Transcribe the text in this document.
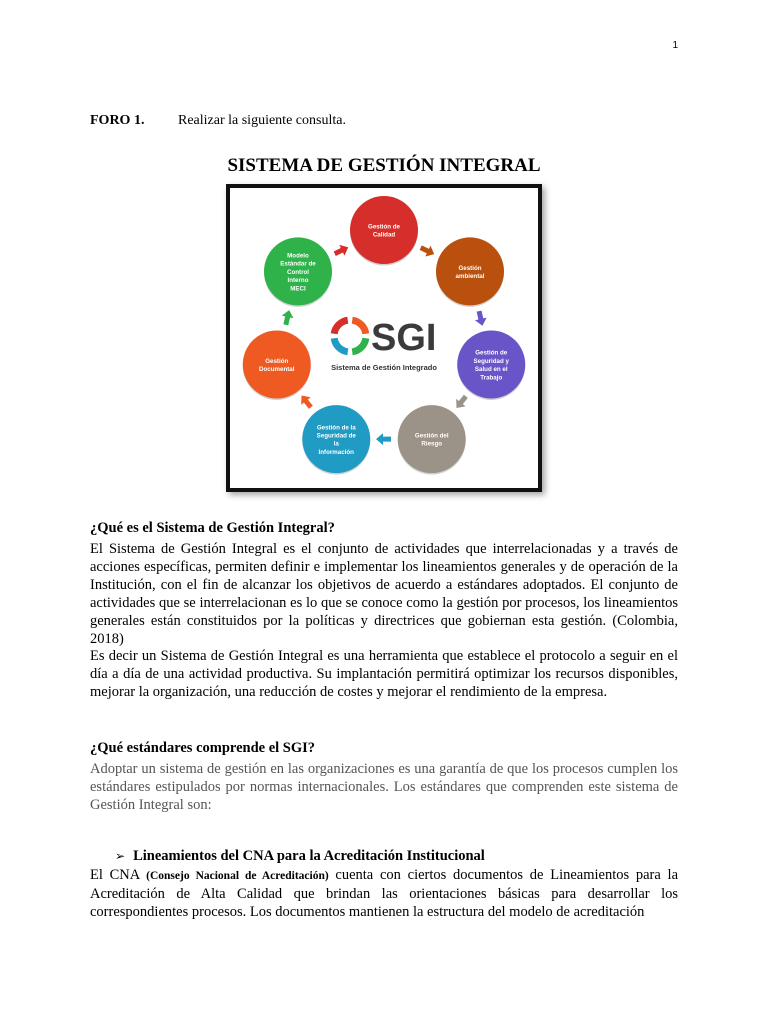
1
FORO 1. Realizar la siguiente consulta.
SISTEMA DE GESTIÓN INTEGRAL
Gestión de
Calidad
Gestión
ambiental
Gestión de
Seguridad y
Salud en el
Trabajo
Gestión del
Riesgo
Gestión de la
Seguridad de
la
Información
Gestión
Documental
Modelo
Estándar de
Control
Interno
MECI
SGI
Sistema de Gestión Integrado
¿Qué es el Sistema de Gestión Integral?
El Sistema de Gestión Integral es el conjunto de actividades que interrelacionadas y a través de acciones específicas, permiten definir e implementar los lineamientos generales y de operación de la Institución, con el fin de alcanzar los objetivos de acuerdo a estándares adoptados. El conjunto de actividades que se interrelacionan es lo que se conoce como la gestión por procesos, los lineamientos generales están constituidos por la políticas y directrices que gobiernan esta gestión. (Colombia, 2018)
Es decir un Sistema de Gestión Integral es una herramienta que establece el protocolo a seguir en el día a día de una actividad productiva. Su implantación permitirá optimizar los recursos disponibles, mejorar la organización, una reducción de costes y mejorar el rendimiento de la empresa.
¿Qué estándares comprende el SGI?
Adoptar un sistema de gestión en las organizaciones es una garantía de que los procesos cumplen los estándares estipulados por normas internacionales. Los estándares que comprenden este sistema de Gestión Integral son:
➢ Lineamientos del CNA para la Acreditación Institucional
El CNA (Consejo Nacional de Acreditación) cuenta con ciertos documentos de Lineamientos para la Acreditación de Alta Calidad que brindan las orientaciones básicas para desarrollar los correspondientes procesos. Los documentos mantienen la estructura del modelo de acreditación
